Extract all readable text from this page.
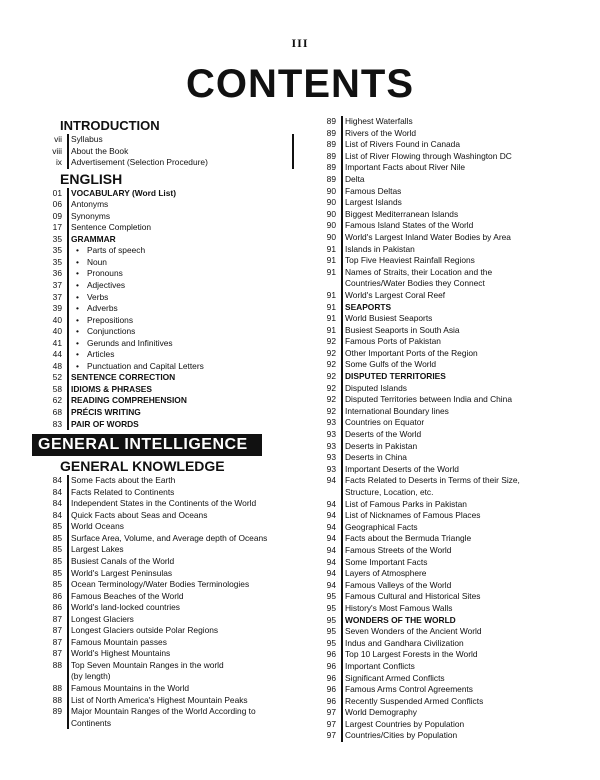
III
CONTENTS
INTRODUCTION
vii	Syllabus
viii	About the Book
ix	Advertisement (Selection Procedure)
ENGLISH
01	VOCABULARY (Word List)
06	Antonyms
09	Synonyms
17	Sentence Completion
35	GRAMMAR
35	• Parts of speech
35	• Noun
36	• Pronouns
37	• Adjectives
37	• Verbs
39	• Adverbs
40	• Prepositions
40	• Conjunctions
41	• Gerunds and Infinitives
44	• Articles
48	• Punctuation and Capital Letters
52	SENTENCE CORRECTION
58	IDIOMS & PHRASES
62	READING COMPREHENSION
68	PRÉCIS WRITING
83	PAIR OF WORDS
GENERAL INTELLIGENCE
GENERAL KNOWLEDGE
84	Some Facts about the Earth
84	Facts Related to Continents
84	Independent States in the Continents of the World
84	Quick Facts about Seas and Oceans
85	World Oceans
85	Surface Area, Volume, and Average depth of Oceans
85	Largest Lakes
85	Busiest Canals of the World
85	World's Largest Peninsulas
85	Ocean Terminology/Water Bodies Terminologies
86	Famous Beaches of the World
86	World's land-locked countries
87	Longest Glaciers
87	Longest Glaciers outside Polar Regions
87	Famous Mountain passes
87	World's Highest Mountains
88	Top Seven Mountain Ranges in the world
(by length)
88	Famous Mountains in the World
88	List of North America's Highest Mountain Peaks
89	Major Mountain Ranges of the World According to
Continents
89	Highest Waterfalls
89	Rivers of the World
89	List of Rivers Found in Canada
89	List of River Flowing through Washington DC
89	Important Facts about River Nile
89	Delta
90	Famous Deltas
90	Largest Islands
90	Biggest Mediterranean Islands
90	Famous Island States of the World
90	World's Largest Inland Water Bodies by Area
91	Islands in Pakistan
91	Top Five Heaviest Rainfall Regions
91	Names of Straits, their Location and the
Countries/Water Bodies they Connect
91	World's Largest Coral Reef
91	SEAPORTS
91	World Busiest Seaports
91	Busiest Seaports in South Asia
92	Famous Ports of Pakistan
92	Other Important Ports of the Region
92	Some Gulfs of the World
92	DISPUTED TERRITORIES
92	Disputed Islands
92	Disputed Territories between India and China
92	International Boundary lines
93	Countries on Equator
93	Deserts of the World
93	Deserts in Pakistan
93	Deserts in China
93	Important Deserts of the World
94	Facts Related to Deserts in Terms of their Size,
Structure, Location, etc.
94	List of Famous Parks in Pakistan
94	List of Nicknames of Famous Places
94	Geographical Facts
94	Facts about the Bermuda Triangle
94	Famous Streets of the World
94	Some Important Facts
94	Layers of Atmosphere
94	Famous Valleys of the World
95	Famous Cultural and Historical Sites
95	History's Most Famous Walls
95	WONDERS OF THE WORLD
95	Seven Wonders of the Ancient World
95	Indus and Gandhara Civilization
96	Top 10 Largest Forests in the World
96	Important Conflicts
96	Significant Armed Conflicts
96	Famous Arms Control Agreements
96	Recently Suspended Armed Conflicts
97	World Demography
97	Largest Countries by Population
97	Countries/Cities by Population
